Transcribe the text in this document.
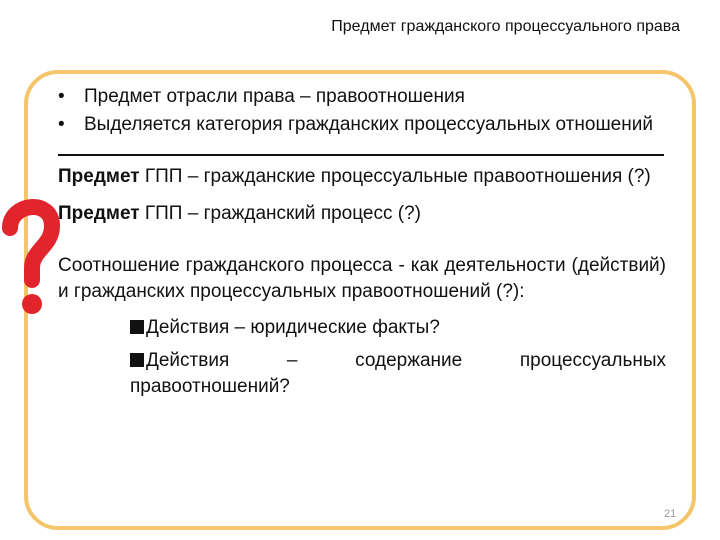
Предмет гражданского процессуального права
• Предмет отрасли права – правоотношения
• Выделяется категория гражданских процессуальных отношений

Предмет ГПП – гражданские процессуальные правоотношения (?)

Предмет ГПП – гражданский процесс (?)

Соотношение гражданского процесса - как деятельности (действий) и гражданских процессуальных правоотношений (?):

Действия – юридические факты?
Действия – содержание процессуальных правоотношений?
21
